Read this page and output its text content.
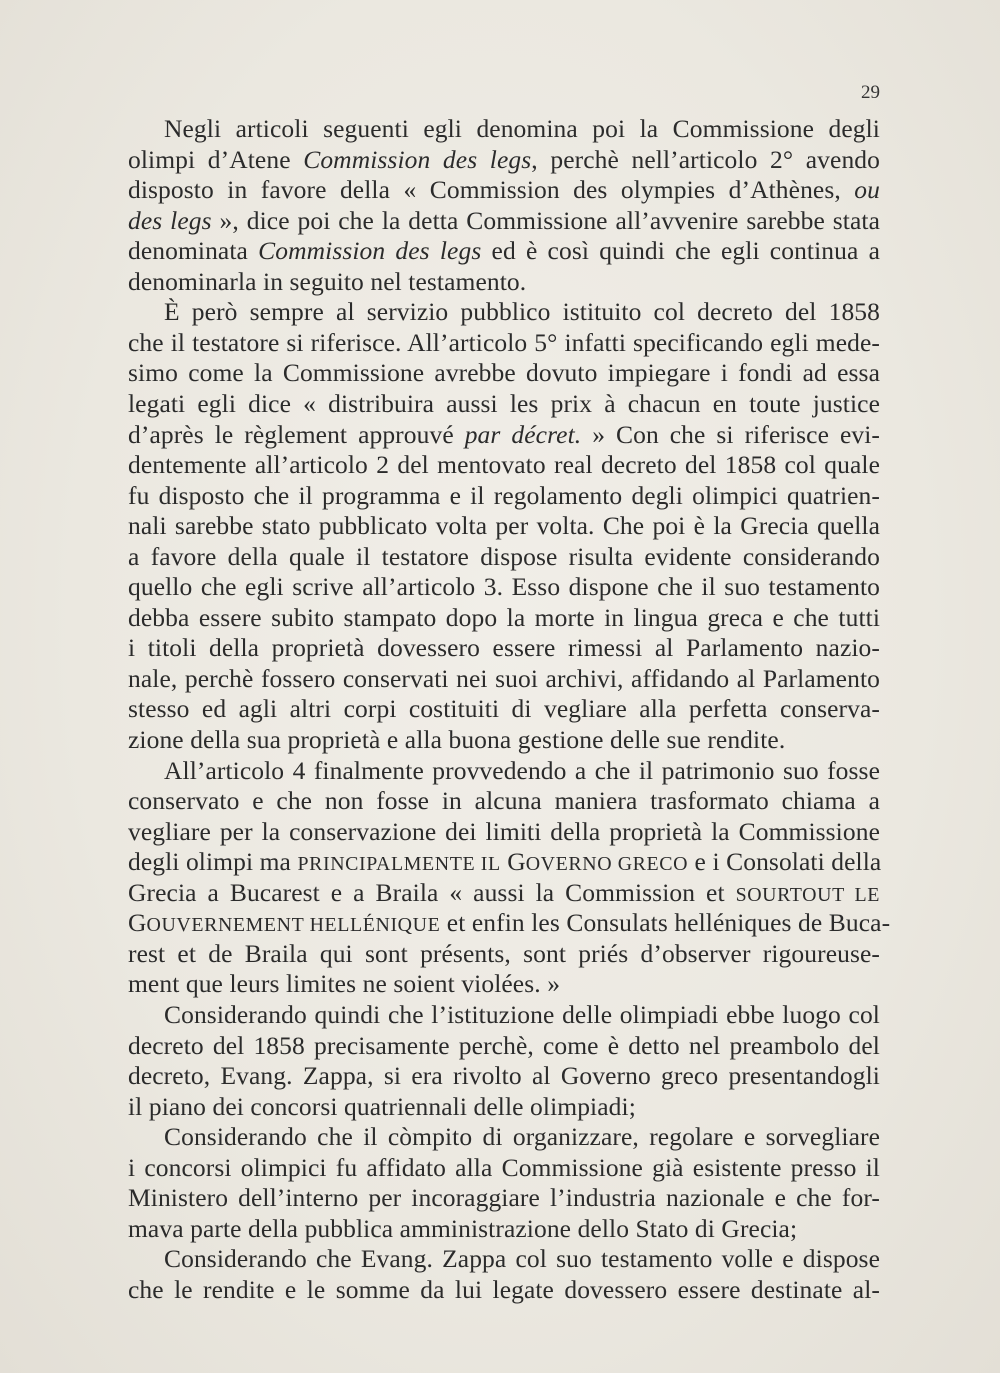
29
Negli articoli seguenti egli denomina poi la Commissione degli
olimpi d’Atene Commission des legs, perchè nell’articolo 2° avendo
disposto in favore della « Commission des olympies d’Athènes, ou
des legs », dice poi che la detta Commissione all’avvenire sarebbe stata
denominata Commission des legs ed è così quindi che egli continua a
denominarla in seguito nel testamento.
È però sempre al servizio pubblico istituito col decreto del 1858
che il testatore si riferisce. All’articolo 5° infatti specificando egli mede-
simo come la Commissione avrebbe dovuto impiegare i fondi ad essa
legati egli dice « distribuira aussi les prix à chacun en toute justice
d’après le règlement approuvé par décret. » Con che si riferisce evi-
dentemente all’articolo 2 del mentovato real decreto del 1858 col quale
fu disposto che il programma e il regolamento degli olimpici quatrien-
nali sarebbe stato pubblicato volta per volta. Che poi è la Grecia quella
a favore della quale il testatore dispose risulta evidente considerando
quello che egli scrive all’articolo 3. Esso dispone che il suo testamento
debba essere subito stampato dopo la morte in lingua greca e che tutti
i titoli della proprietà dovessero essere rimessi al Parlamento nazio-
nale, perchè fossero conservati nei suoi archivi, affidando al Parlamento
stesso ed agli altri corpi costituiti di vegliare alla perfetta conserva-
zione della sua proprietà e alla buona gestione delle sue rendite.
All’articolo 4 finalmente provvedendo a che il patrimonio suo fosse
conservato e che non fosse in alcuna maniera trasformato chiama a
vegliare per la conservazione dei limiti della proprietà la Commissione
degli olimpi ma PRINCIPALMENTE IL GOVERNO GRECO e i Consolati della
Grecia a Bucarest e a Braila « aussi la Commission et SOURTOUT LE
GOUVERNEMENT HELLÉNIQUE et enfin les Consulats helléniques de Buca-
rest et de Braila qui sont présents, sont priés d’observer rigoureuse-
ment que leurs limites ne soient violées. »
Considerando quindi che l’istituzione delle olimpiadi ebbe luogo col
decreto del 1858 precisamente perchè, come è detto nel preambolo del
decreto, Evang. Zappa, si era rivolto al Governo greco presentandogli
il piano dei concorsi quatriennali delle olimpiadi;
Considerando che il còmpito di organizzare, regolare e sorvegliare
i concorsi olimpici fu affidato alla Commissione già esistente presso il
Ministero dell’interno per incoraggiare l’industria nazionale e che for-
mava parte della pubblica amministrazione dello Stato di Grecia;
Considerando che Evang. Zappa col suo testamento volle e dispose
che le rendite e le somme da lui legate dovessero essere destinate al-
